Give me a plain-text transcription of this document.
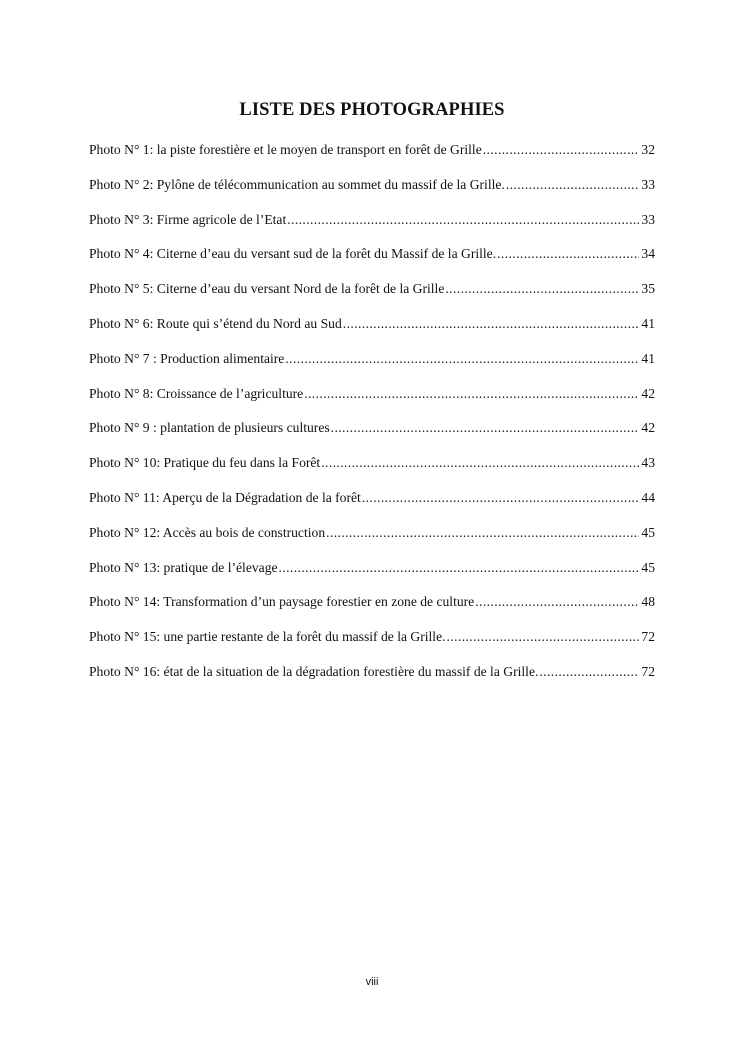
LISTE DES PHOTOGRAPHIES
Photo N° 1: la piste forestière et le moyen de transport en forêt de Grille .....	32
Photo N° 2: Pylône de télécommunication au sommet du massif de la Grille. .....	33
Photo N° 3: Firme agricole de l’Etat .....	33
Photo N° 4: Citerne d’eau du versant sud de la forêt du Massif de la Grille. .....	34
Photo N° 5: Citerne d’eau du versant Nord de la forêt de la Grille .....	35
Photo N° 6: Route qui s’étend du Nord au Sud .....	41
Photo N° 7 : Production alimentaire .....	41
Photo N° 8: Croissance de l’agriculture .....	42
Photo N° 9 : plantation de plusieurs cultures .....	42
Photo N° 10: Pratique du feu dans la Forêt .....	43
Photo N° 11: Aperçu de la Dégradation de la forêt .....	44
Photo N° 12: Accès au bois de construction .....	45
Photo N° 13: pratique de l’élevage .....	45
Photo N° 14: Transformation d’un paysage forestier en zone de culture .....	48
Photo N° 15: une partie restante de la forêt du massif de la Grille. .....	72
Photo N° 16: état de la situation de la dégradation forestière du massif de la Grille. .....	72
viii
